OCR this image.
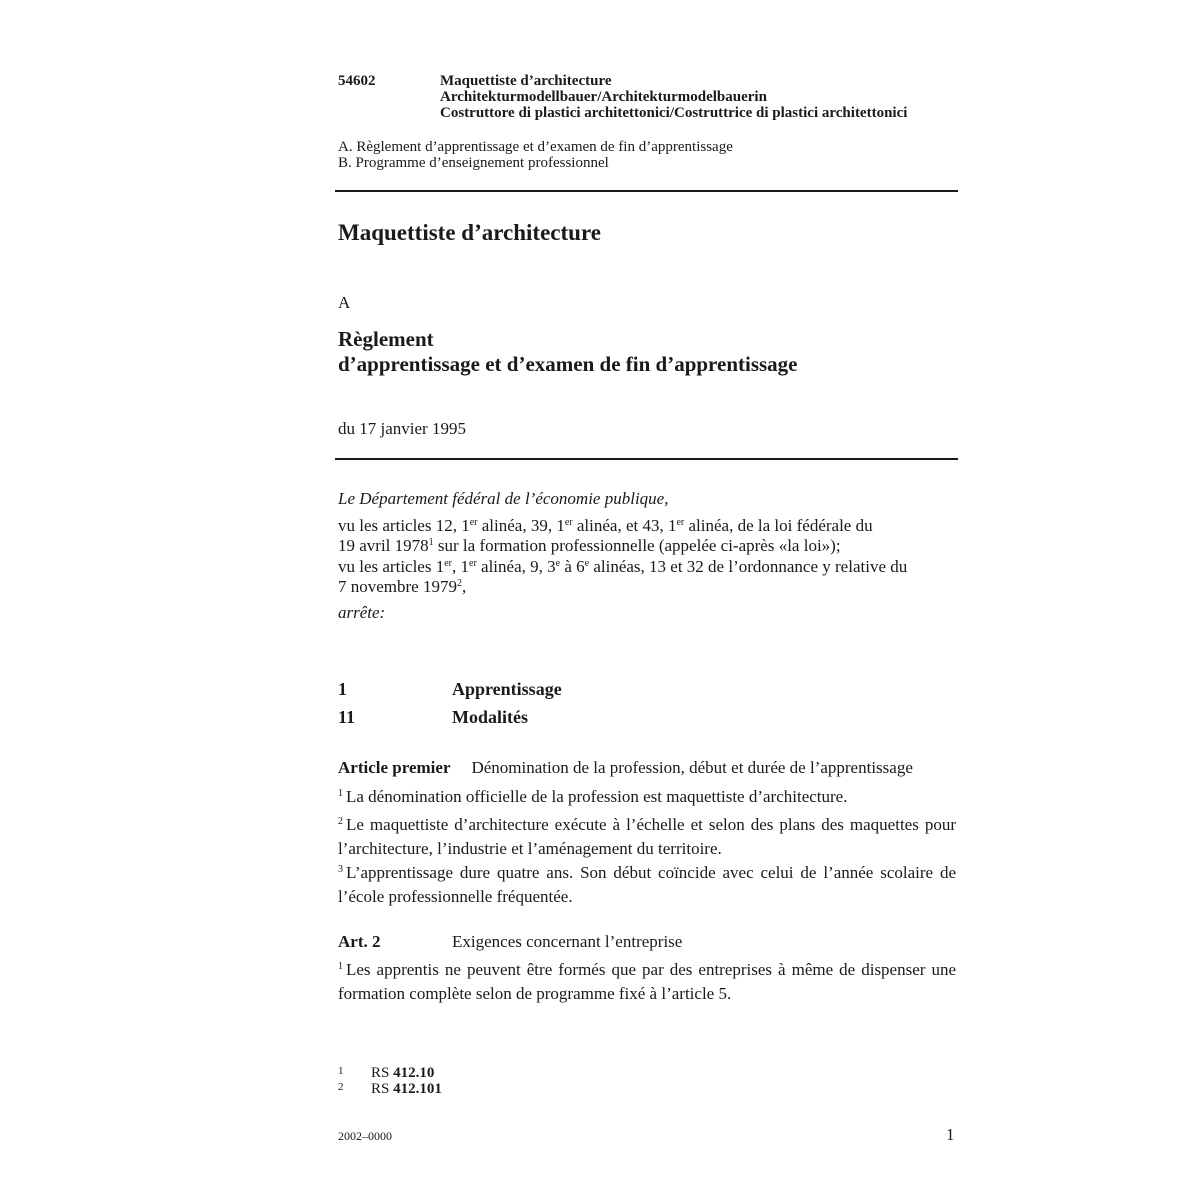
54602	Maquettiste d’architecture
Architekturmodellbauer/Architekturmodelbauerin
Costruttore di plastici architettonici/Costruttrice di plastici architettonici
A. Règlement d’apprentissage et d’examen de fin d’apprentissage
B. Programme d’enseignement professionnel
Maquettiste d’architecture
A
Règlement
d’apprentissage et d’examen de fin d’apprentissage
du 17 janvier 1995
Le Département fédéral de l’économie publique,
vu les articles 12, 1er alinéa, 39, 1er alinéa, et 43, 1er alinéa, de la loi fédérale du
19 avril 1978$^1$ sur la formation professionnelle (appelée ci-après «la loi»);
vu les articles 1er, 1er alinéa, 9, 3e à 6e alinéas, 13 et 32 de l’ordonnance y relative du
7 novembre 1979$^2$,
arrête:
1	Apprentissage
11	Modalités
Article premier Dénomination de la profession, début et durée de l’apprentissage
$^1$ La dénomination officielle de la profession est maquettiste d’architecture.
$^2$ Le maquettiste d’architecture exécute à l’échelle et selon des plans des maquettes pour l’architecture, l’industrie et l’aménagement du territoire.
$^3$ L’apprentissage dure quatre ans. Son début coïncide avec celui de l’année scolaire de l’école professionnelle fréquentée.
Art. 2	Exigences concernant l’entreprise
$^1$ Les apprentis ne peuvent être formés que par des entreprises à même de dispenser une formation complète selon de programme fixé à l’article 5.
1 RS 412.10
2 RS 412.101
2002–0000	1
